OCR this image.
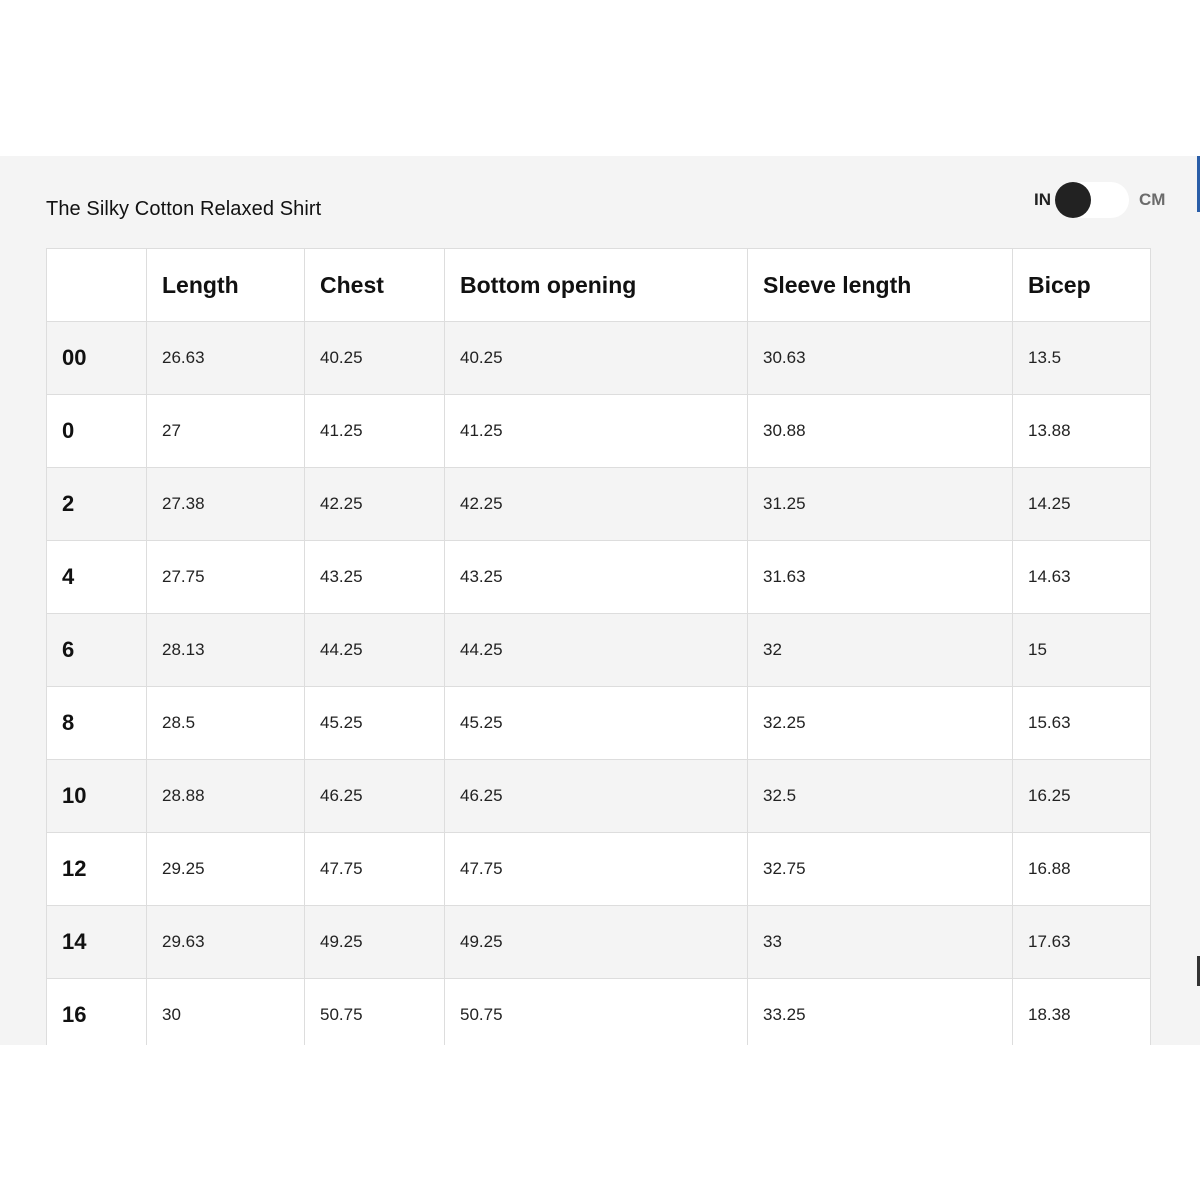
The Silky Cotton Relaxed Shirt	IN	CM
	Length	Chest	Bottom opening	Sleeve length	Bicep
00	26.63	40.25	40.25	30.63	13.5
0	27	41.25	41.25	30.88	13.88
2	27.38	42.25	42.25	31.25	14.25
4	27.75	43.25	43.25	31.63	14.63
6	28.13	44.25	44.25	32	15
8	28.5	45.25	45.25	32.25	15.63
10	28.88	46.25	46.25	32.5	16.25
12	29.25	47.75	47.75	32.75	16.88
14	29.63	49.25	49.25	33	17.63
16	30	50.75	50.75	33.25	18.38
